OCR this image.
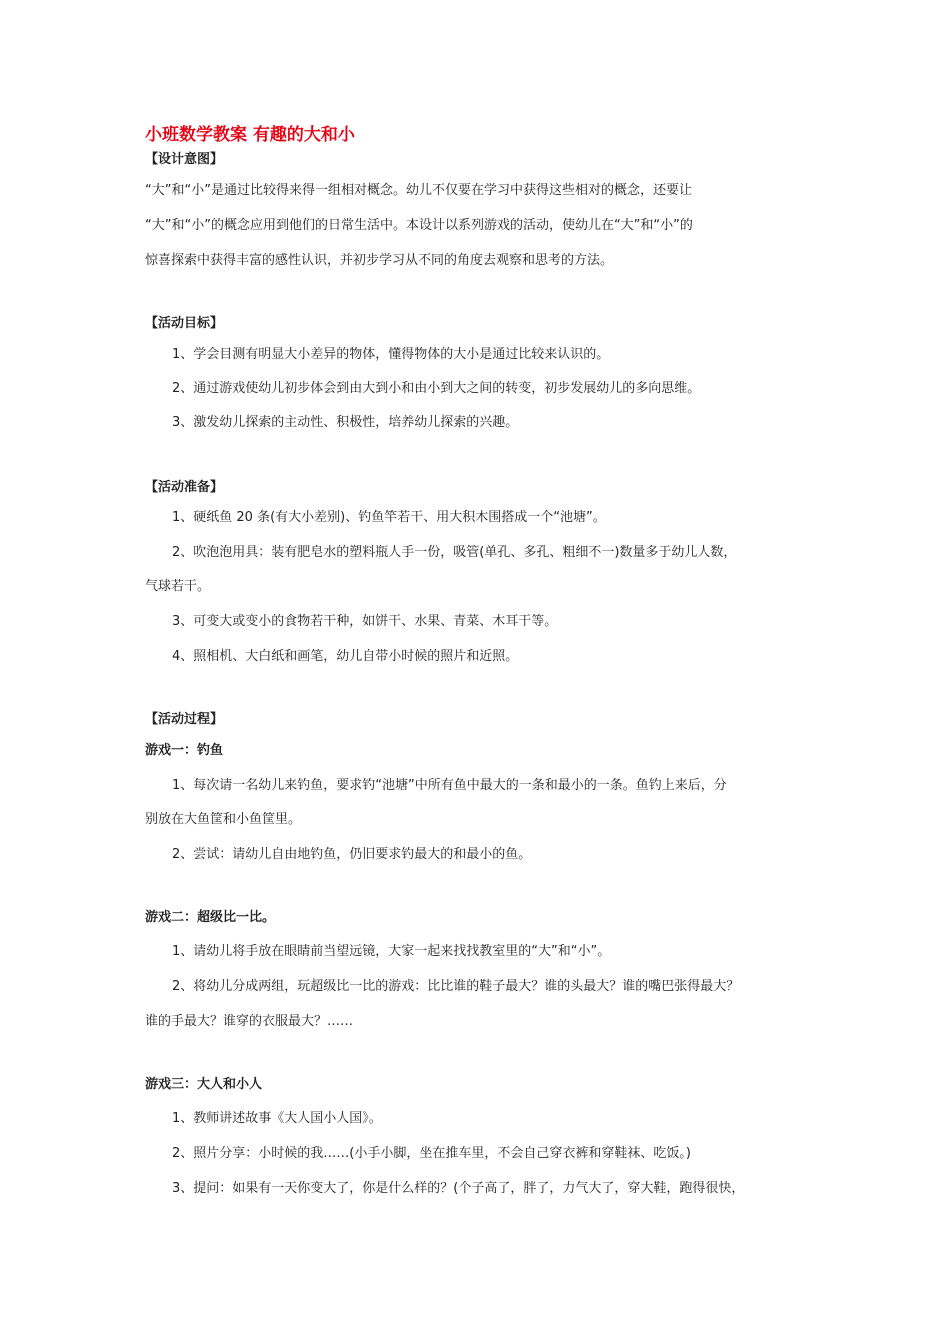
小班数学教案 有趣的大和小
【设计意图】
“大”和“小”是通过比较得来得一组相对概念。幼儿不仅要在学习中获得这些相对的概念，还要让
“大”和“小”的概念应用到他们的日常生活中。本设计以系列游戏的活动，使幼儿在“大”和“小”的
惊喜探索中获得丰富的感性认识，并初步学习从不同的角度去观察和思考的方法。
【活动目标】
1、学会目测有明显大小差异的物体，懂得物体的大小是通过比较来认识的。
2、通过游戏使幼儿初步体会到由大到小和由小到大之间的转变，初步发展幼儿的多向思维。
3、激发幼儿探索的主动性、积极性，培养幼儿探索的兴趣。
【活动准备】
1、硬纸鱼 20 条(有大小差别)、钓鱼竿若干、用大积木围搭成一个“池塘”。
2、吹泡泡用具：装有肥皂水的塑料瓶人手一份，吸管(单孔、多孔、粗细不一)数量多于幼儿人数，
气球若干。
3、可变大或变小的食物若干种，如饼干、水果、青菜、木耳干等。
4、照相机、大白纸和画笔，幼儿自带小时候的照片和近照。
【活动过程】
游戏一：钓鱼
1、每次请一名幼儿来钓鱼，要求钓“池塘”中所有鱼中最大的一条和最小的一条。鱼钓上来后，分
别放在大鱼筐和小鱼筐里。
2、尝试：请幼儿自由地钓鱼，仍旧要求钓最大的和最小的鱼。
游戏二：超级比一比。
1、请幼儿将手放在眼睛前当望远镜，大家一起来找找教室里的“大”和“小”。
2、将幼儿分成两组，玩超级比一比的游戏：比比谁的鞋子最大？谁的头最大？谁的嘴巴张得最大？
谁的手最大？谁穿的衣服最大？……
游戏三：大人和小人
1、教师讲述故事《大人国小人国》。
2、照片分享：小时候的我……(小手小脚，坐在推车里，不会自己穿衣裤和穿鞋袜、吃饭。)
3、提问：如果有一天你变大了，你是什么样的？(个子高了，胖了，力气大了，穿大鞋，跑得很快，
